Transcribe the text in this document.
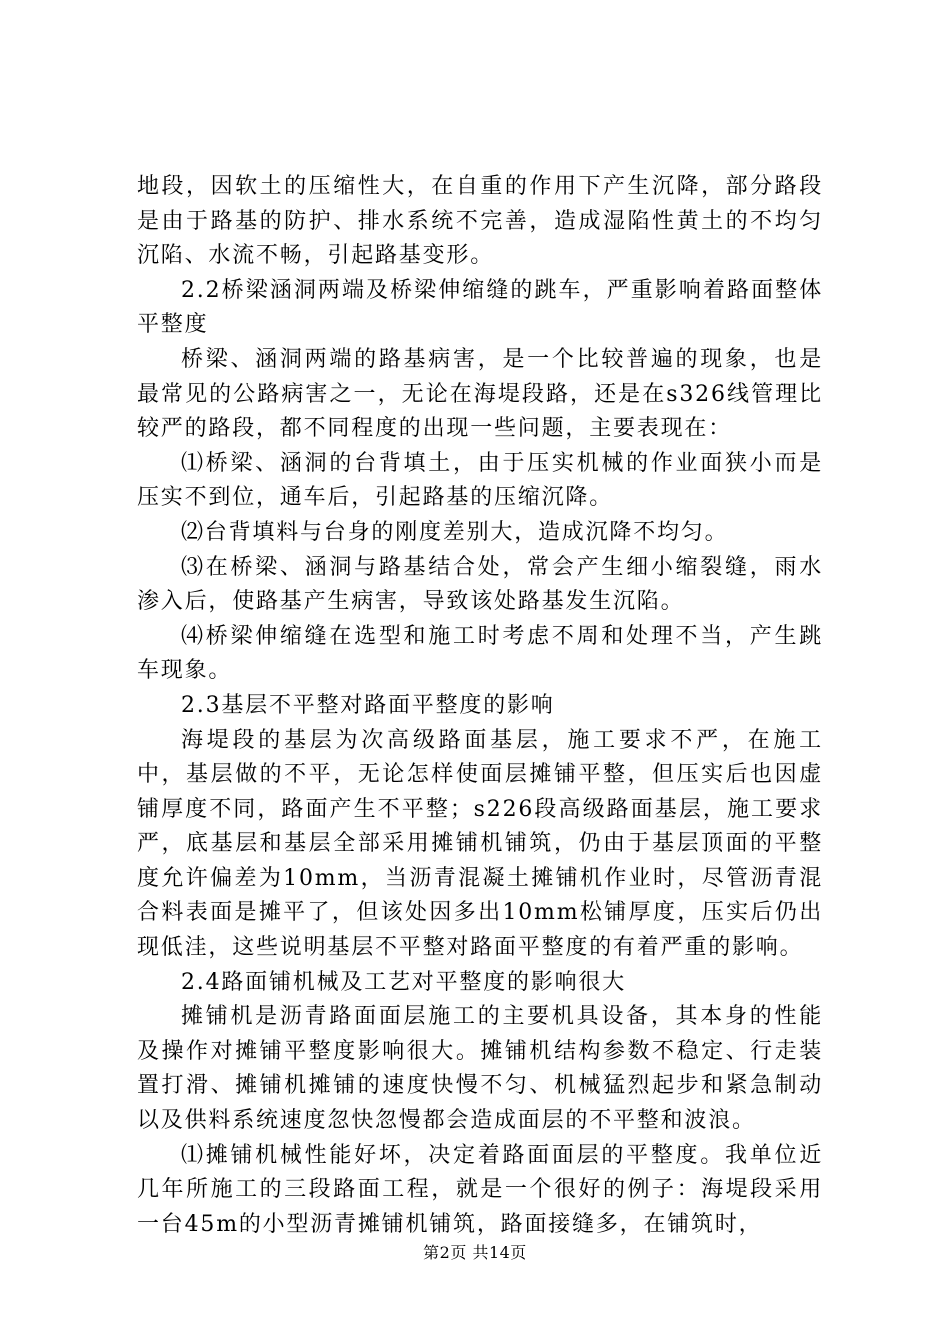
地段，因软土的压缩性大，在自重的作用下产生沉降，部分路段是由于路基的防护、排水系统不完善，造成湿陷性黄土的不均匀沉陷、水流不畅，引起路基变形。

2.2桥梁涵洞两端及桥梁伸缩缝的跳车，严重影响着路面整体平整度

桥梁、涵洞两端的路基病害，是一个比较普遍的现象，也是最常见的公路病害之一，无论在海堤段路，还是在s326线管理比较严的路段，都不同程度的出现一些问题，主要表现在：

⑴桥梁、涵洞的台背填土，由于压实机械的作业面狭小而是压实不到位，通车后，引起路基的压缩沉降。

⑵台背填料与台身的刚度差别大，造成沉降不均匀。

⑶在桥梁、涵洞与路基结合处，常会产生细小缩裂缝，雨水渗入后，使路基产生病害，导致该处路基发生沉陷。

⑷桥梁伸缩缝在选型和施工时考虑不周和处理不当，产生跳车现象。

2.3基层不平整对路面平整度的影响

海堤段的基层为次高级路面基层，施工要求不严，在施工中，基层做的不平，无论怎样使面层摊铺平整，但压实后也因虚铺厚度不同，路面产生不平整；s226段高级路面基层，施工要求严，底基层和基层全部采用摊铺机铺筑，仍由于基层顶面的平整度允许偏差为10mm，当沥青混凝土摊铺机作业时，尽管沥青混合料表面是摊平了，但该处因多出10mm松铺厚度，压实后仍出现低洼，这些说明基层不平整对路面平整度的有着严重的影响。

2.4路面铺机械及工艺对平整度的影响很大

摊铺机是沥青路面面层施工的主要机具设备，其本身的性能及操作对摊铺平整度影响很大。摊铺机结构参数不稳定、行走装置打滑、摊铺机摊铺的速度快慢不匀、机械猛烈起步和紧急制动以及供料系统速度忽快忽慢都会造成面层的不平整和波浪。

⑴摊铺机械性能好坏，决定着路面面层的平整度。我单位近几年所施工的三段路面工程，就是一个很好的例子：海堤段采用一台45m的小型沥青摊铺机铺筑，路面接缝多，在铺筑时，

第2页 共14页
